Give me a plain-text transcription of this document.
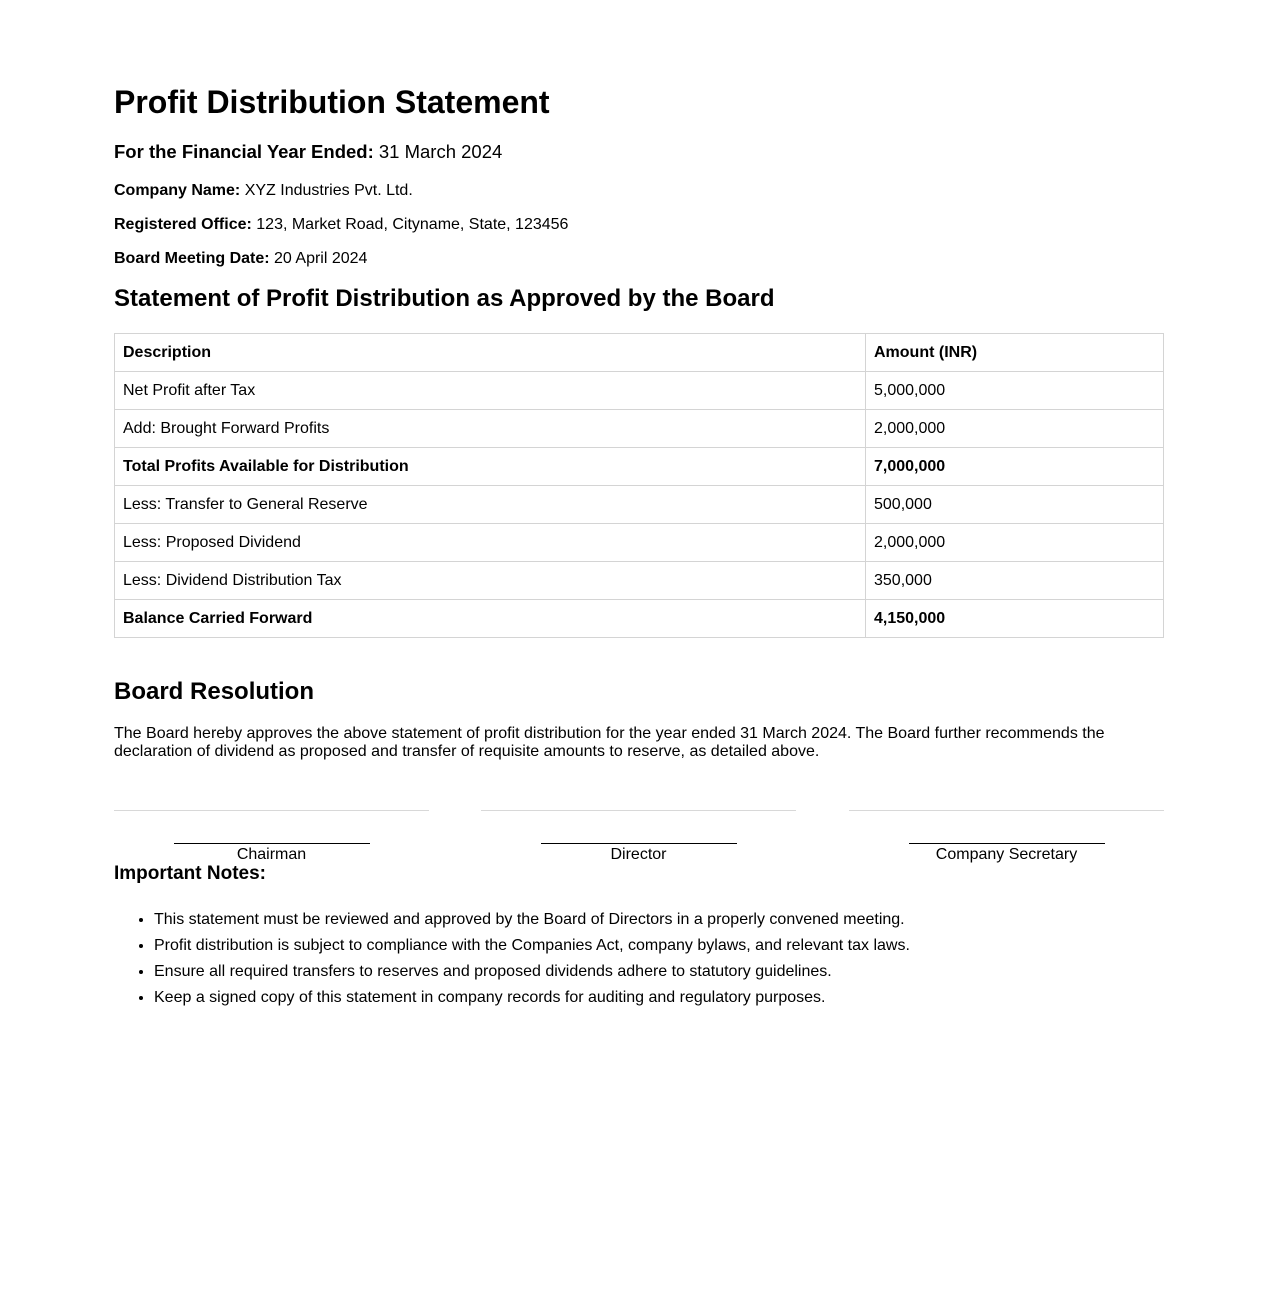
Profit Distribution Statement
For the Financial Year Ended: 31 March 2024
Company Name: XYZ Industries Pvt. Ltd.
Registered Office: 123, Market Road, Cityname, State, 123456
Board Meeting Date: 20 April 2024
Statement of Profit Distribution as Approved by the Board
Description	Amount (INR)
Net Profit after Tax	5,000,000
Add: Brought Forward Profits	2,000,000
Total Profits Available for Distribution	7,000,000
Less: Transfer to General Reserve	500,000
Less: Proposed Dividend	2,000,000
Less: Dividend Distribution Tax	350,000
Balance Carried Forward	4,150,000
Board Resolution
The Board hereby approves the above statement of profit distribution for the year ended 31 March 2024. The Board further recommends the declaration of dividend as proposed and transfer of requisite amounts to reserve, as detailed above.
Chairman	Director	Company Secretary
Important Notes:
• This statement must be reviewed and approved by the Board of Directors in a properly convened meeting.
• Profit distribution is subject to compliance with the Companies Act, company bylaws, and relevant tax laws.
• Ensure all required transfers to reserves and proposed dividends adhere to statutory guidelines.
• Keep a signed copy of this statement in company records for auditing and regulatory purposes.
